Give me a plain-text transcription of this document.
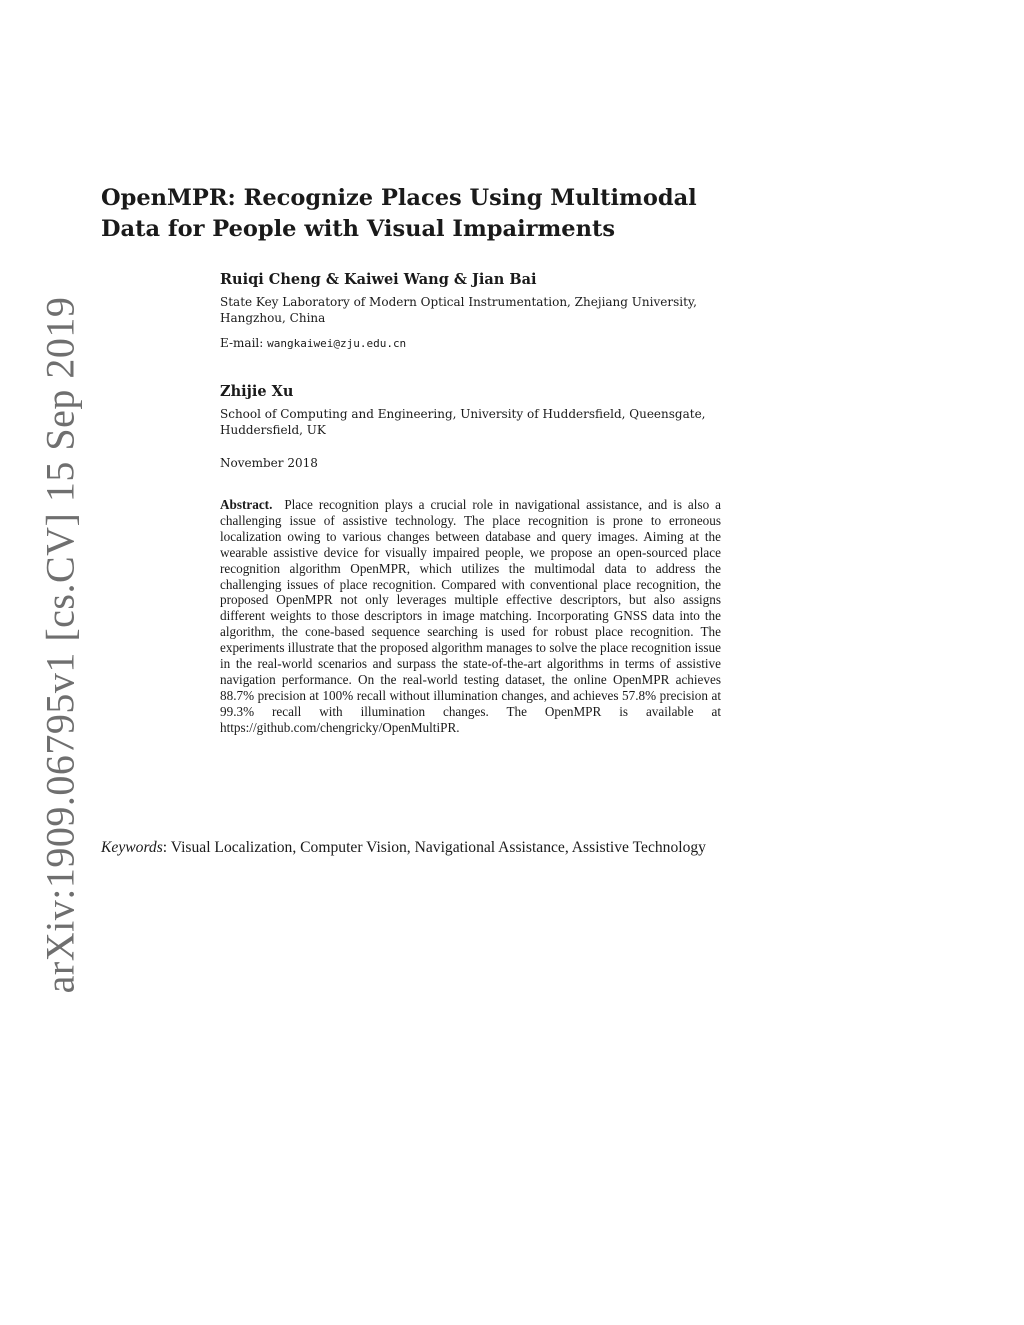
arXiv:1909.06795v1 [cs.CV] 15 Sep 2019
OpenMPR: Recognize Places Using Multimodal
Data for People with Visual Impairments

Ruiqi Cheng & Kaiwei Wang & Jian Bai

State Key Laboratory of Modern Optical Instrumentation, Zhejiang University, Hangzhou, China

E-mail: wangkaiwei@zju.edu.cn

Zhijie Xu

School of Computing and Engineering, University of Huddersfield, Queensgate, Huddersfield, UK

November 2018

Abstract. Place recognition plays a crucial role in navigational assistance, and is also a challenging issue of assistive technology. The place recognition is prone to erroneous localization owing to various changes between database and query images. Aiming at the wearable assistive device for visually impaired people, we propose an open-sourced place recognition algorithm OpenMPR, which utilizes the multimodal data to address the challenging issues of place recognition. Compared with conventional place recognition, the proposed OpenMPR not only leverages multiple effective descriptors, but also assigns different weights to those descriptors in image matching. Incorporating GNSS data into the algorithm, the cone-based sequence searching is used for robust place recognition. The experiments illustrate that the proposed algorithm manages to solve the place recognition issue in the real-world scenarios and surpass the state-of-the-art algorithms in terms of assistive navigation performance. On the real-world testing dataset, the online OpenMPR achieves 88.7% precision at 100% recall without illumination changes, and achieves 57.8% precision at 99.3% recall with illumination changes. The OpenMPR is available at https://github.com/chengricky/OpenMultiPR.

Keywords: Visual Localization, Computer Vision, Navigational Assistance, Assistive Technology
